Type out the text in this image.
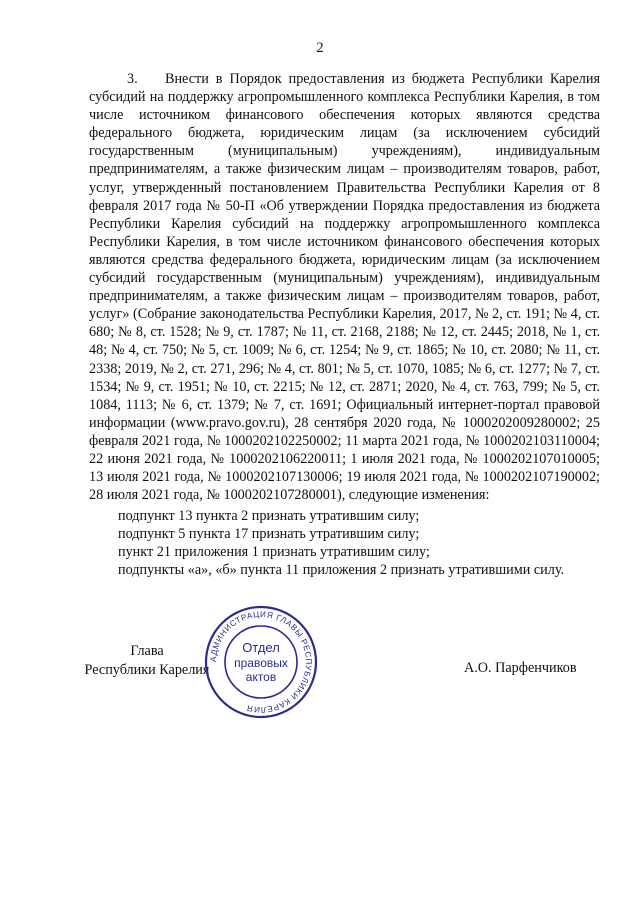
2

3. Внести в Порядок предоставления из бюджета Республики Карелия субсидий на поддержку агропромышленного комплекса Республики Карелия, в том числе источником финансового обеспечения которых являются средства федерального бюджета, юридическим лицам (за исключением субсидий государственным (муниципальным) учреждениям), индивидуальным предпринимателям, а также физическим лицам – производителям товаров, работ, услуг, утвержденный постановлением Правительства Республики Карелия от 8 февраля 2017 года № 50-П «Об утверждении Порядка предоставления из бюджета Республики Карелия субсидий на поддержку агропромышленного комплекса Республики Карелия, в том числе источником финансового обеспечения которых являются средства федерального бюджета, юридическим лицам (за исключением субсидий государственным (муниципальным) учреждениям), индивидуальным предпринимателям, а также физическим лицам – производителям товаров, работ, услуг» (Собрание законодательства Республики Карелия, 2017, № 2, ст. 191; № 4, ст. 680; № 8, ст. 1528; № 9, ст. 1787; № 11, ст. 2168, 2188; № 12, ст. 2445; 2018, № 1, ст. 48; № 4, ст. 750; № 5, ст. 1009; № 6, ст. 1254; № 9, ст. 1865; № 10, ст. 2080; № 11, ст. 2338; 2019, № 2, ст. 271, 296; № 4, ст. 801; № 5, ст. 1070, 1085; № 6, ст. 1277; № 7, ст. 1534; № 9, ст. 1951; № 10, ст. 2215; № 12, ст. 2871; 2020, № 4, ст. 763, 799; № 5, ст. 1084, 1113; № 6, ст. 1379; № 7, ст. 1691; Официальный интернет-портал правовой информации (www.pravo.gov.ru), 28 сентября 2020 года, № 1000202009280002; 25 февраля 2021 года, № 1000202102250002; 11 марта 2021 года, № 1000202103110004; 22 июня 2021 года, № 1000202106220011; 1 июля 2021 года, № 1000202107010005; 13 июля 2021 года, № 1000202107130006; 19 июля 2021 года, № 1000202107190002; 28 июля 2021 года, № 1000202107280001), следующие изменения:

подпункт 13 пункта 2 признать утратившим силу;
подпункт 5 пункта 17 признать утратившим силу;
пункт 21 приложения 1 признать утратившим силу;
подпункты «а», «б» пункта 11 приложения 2 признать утратившими силу.
Глава
Республики Карелия
АДМИНИСТРАЦИЯ ГЛАВЫ РЕСПУБЛИКИ КАРЕЛИЯ
Отдел
правовых
актов
А.О. Парфенчиков
